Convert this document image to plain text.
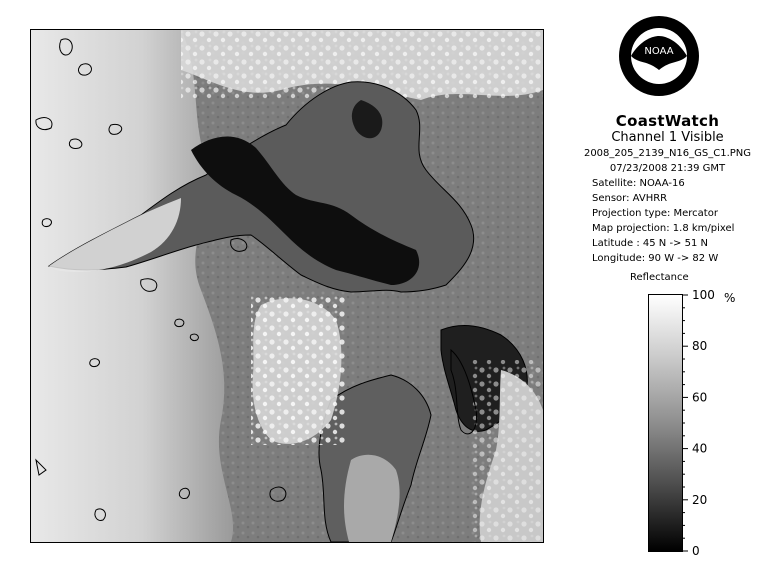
NOAA

CoastWatch

Channel 1 Visible

2008_205_2139_N16_GS_C1.PNG

07/23/2008 21:39 GMT

Satellite: NOAA-16

Sensor: AVHRR

Projection type: Mercator

Map projection: 1.8 km/pixel

Latitude : 45 N -> 51 N

Longitude: 90 W -> 82 W

Reflectance
100
80
60
40
20
0
%
